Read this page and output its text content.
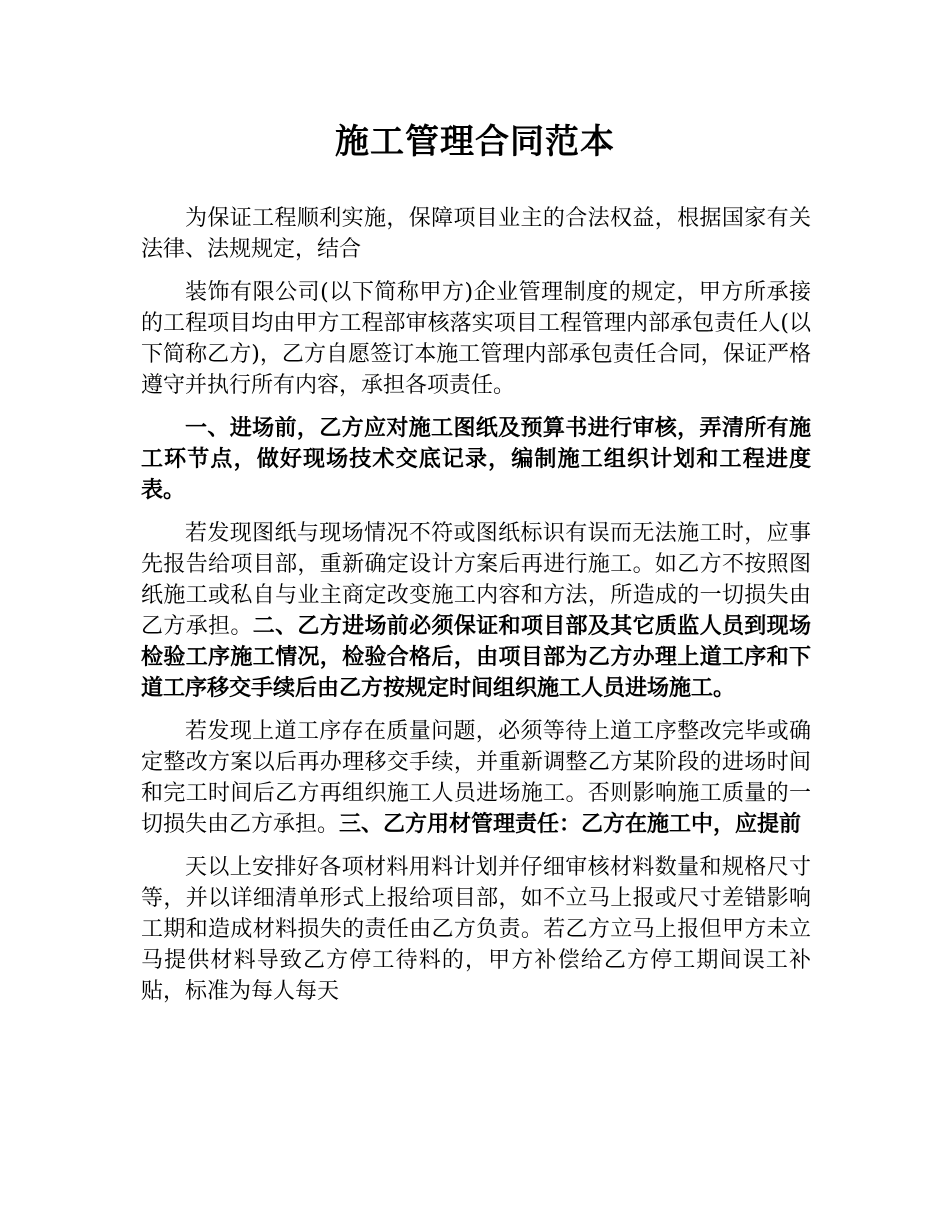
施工管理合同范本

为保证工程顺利实施，保障项目业主的合法权益，根据国家有关法律、法规规定，结合

装饰有限公司(以下简称甲方)企业管理制度的规定，甲方所承接的工程项目均由甲方工程部审核落实项目工程管理内部承包责任人(以下简称乙方)，乙方自愿签订本施工管理内部承包责任合同，保证严格遵守并执行所有内容，承担各项责任。

一、进场前，乙方应对施工图纸及预算书进行审核，弄清所有施工环节点，做好现场技术交底记录，编制施工组织计划和工程进度表。

若发现图纸与现场情况不符或图纸标识有误而无法施工时，应事先报告给项目部，重新确定设计方案后再进行施工。如乙方不按照图纸施工或私自与业主商定改变施工内容和方法，所造成的一切损失由乙方承担。二、乙方进场前必须保证和项目部及其它质监人员到现场检验工序施工情况，检验合格后，由项目部为乙方办理上道工序和下道工序移交手续后由乙方按规定时间组织施工人员进场施工。

若发现上道工序存在质量问题，必须等待上道工序整改完毕或确定整改方案以后再办理移交手续，并重新调整乙方某阶段的进场时间和完工时间后乙方再组织施工人员进场施工。否则影响施工质量的一切损失由乙方承担。三、乙方用材管理责任：乙方在施工中，应提前

天以上安排好各项材料用料计划并仔细审核材料数量和规格尺寸等，并以详细清单形式上报给项目部，如不立马上报或尺寸差错影响工期和造成材料损失的责任由乙方负责。若乙方立马上报但甲方未立马提供材料导致乙方停工待料的，甲方补偿给乙方停工期间误工补贴，标准为每人每天
